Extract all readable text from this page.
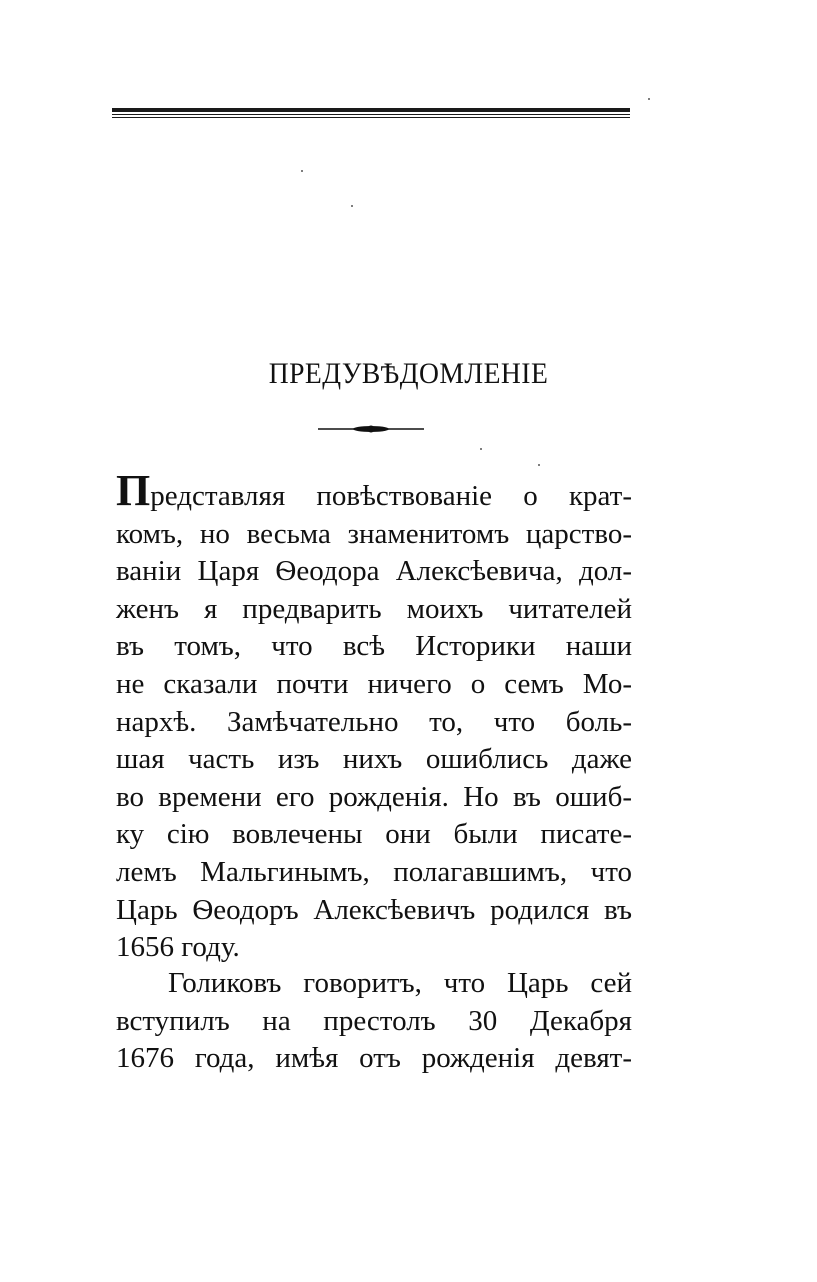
ПРЕДУВѢДОМЛЕНІЕ
Представляя повѣствованіе о крат-
комъ, но весьма знаменитомъ царство-
ваніи Царя Ѳеодора Алексѣевича, дол-
женъ я предварить моихъ читателей
въ томъ, что всѣ Историки наши
не сказали почти ничего о семъ Мо-
нархѣ. Замѣчательно то, что боль-
шая часть изъ нихъ ошиблись даже
во времени его рожденія. Но въ ошиб-
ку сію вовлечены они были писате-
лемъ Мальгинымъ, полагавшимъ, что
Царь Ѳеодоръ Алексѣевичъ родился въ
1656 году.
Голиковъ говоритъ, что Царь сей
вступилъ на престолъ 30 Декабря
1676 года, имѣя отъ рожденія девят-
